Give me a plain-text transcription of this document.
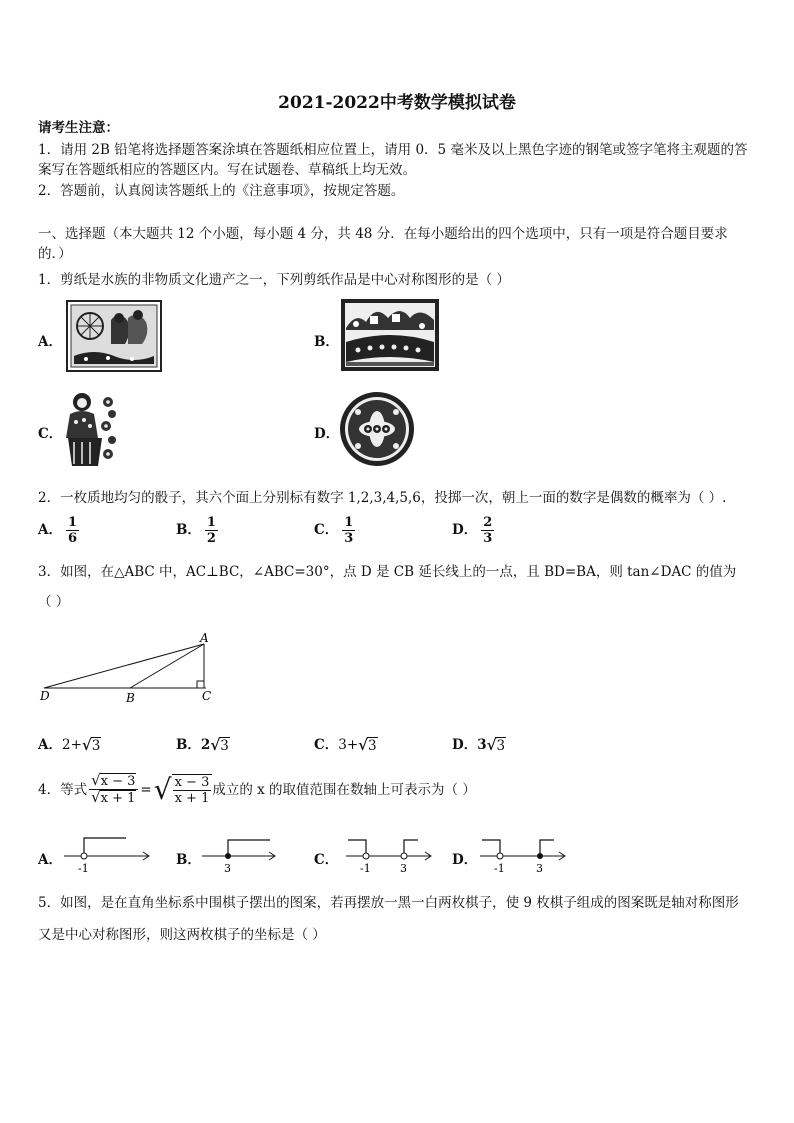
2021-2022中考数学模拟试卷
请考生注意：
1．请用 2B 铅笔将选择题答案涂填在答题纸相应位置上，请用 0．5 毫米及以上黑色字迹的钢笔或签字笔将主观题的答
案写在答题纸相应的答题区内。写在试题卷、草稿纸上均无效。
2．答题前，认真阅读答题纸上的《注意事项》，按规定答题。
一、选择题（本大题共 12 个小题，每小题 4 分，共 48 分．在每小题给出的四个选项中，只有一项是符合题目要求
的．）
1．剪纸是水族的非物质文化遗产之一，下列剪纸作品是中心对称图形的是（ ）
A．	B．
C．	D．
2．一枚质地均匀的骰子，其六个面上分别标有数字 1,2,3,4,5,6，投掷一次，朝上一面的数字是偶数的概率为（ ）.
A． $\frac{1}{6}$	B． $\frac{1}{2}$	C． $\frac{1}{3}$	D． $\frac{2}{3}$
3．如图，在△ABC 中，AC⊥BC，∠ABC=30°，点 D 是 CB 延长线上的一点，且 BD=BA，则 tan∠DAC 的值为
（ ）
A
B	C
D
A． 2+ √ 3	B． 2 √ 3	C． 3+ √ 3	D． 3 √ 3
4．等式 $\frac{√x - 3}{√x + 1}$ = √ $\frac{x - 3}{x + 1}$ 成立的 x 的取值范围在数轴上可表示为（ ）
A．	B．	C．	D．
-1	3	-1	3	-1	3
5．如图，是在直角坐标系中围棋子摆出的图案，若再摆放一黑一白两枚棋子，使 9 枚棋子组成的图案既是轴对称图形
又是中心对称图形，则这两枚棋子的坐标是（ ）
